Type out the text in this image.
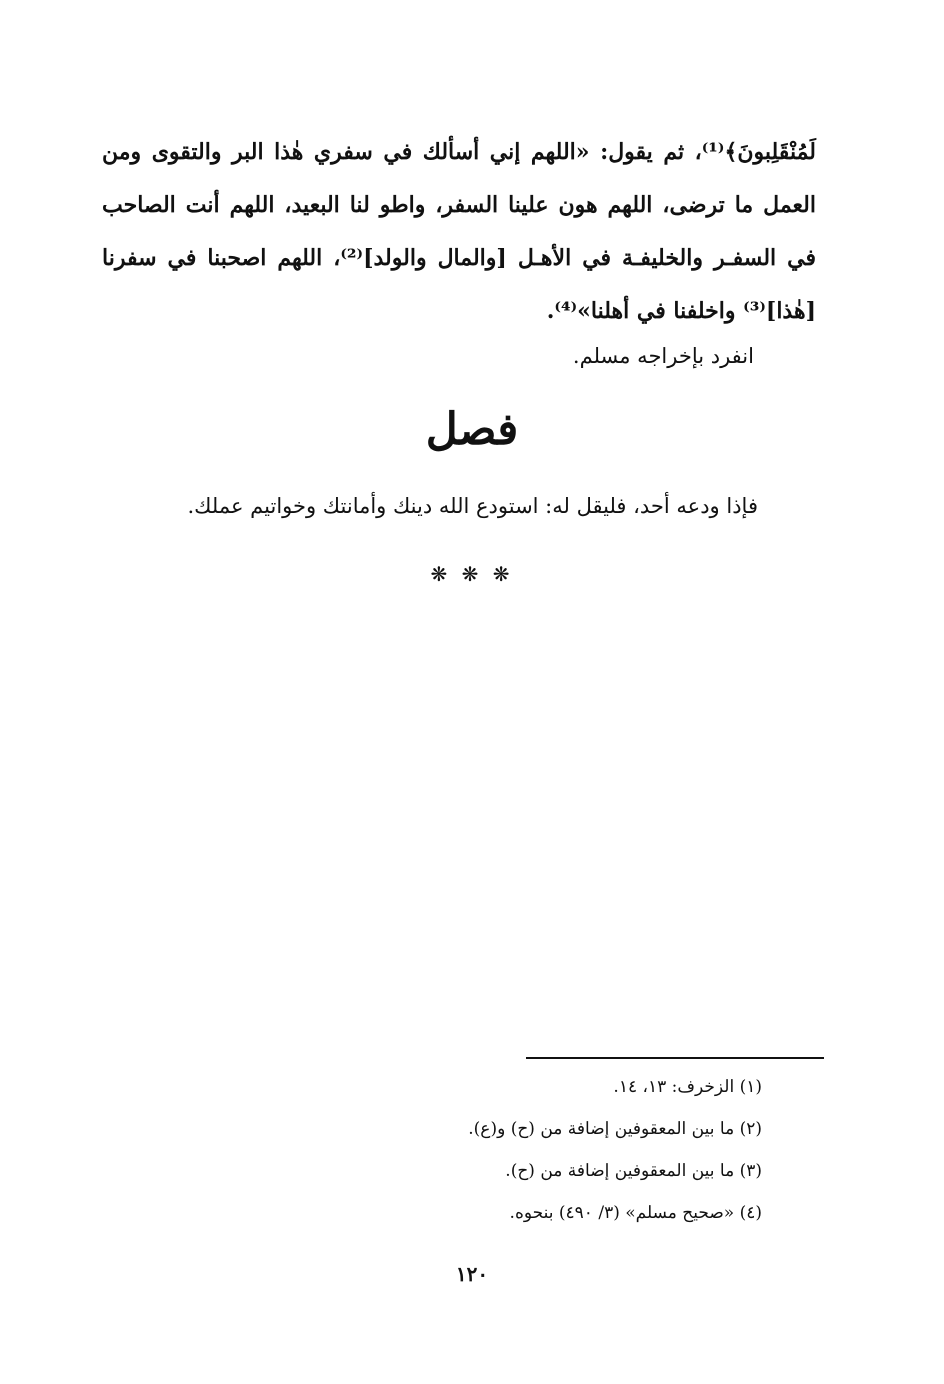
لَمُنْقَلِبونَ﴾⁽¹⁾، ثم يقول: «اللهم إني أسألك في سفري هٰذا البر والتقوى ومن العمل ما ترضى، اللهم هون علينا السفر، واطو لنا البعيد، اللهم أنت الصاحب في السفـر والخليفـة في الأهـل [والمال والولد]⁽²⁾، اللهم اصحبنا في سفرنا [هٰذا]⁽³⁾ واخلفنا في أهلنا»⁽⁴⁾.

انفرد بإخراجه مسلم.
فصل
فإذا ودعه أحد، فليقل له: استودع الله دينك وأمانتك وخواتيم عملك.
❋ ❋ ❋
(١) الزخرف: ١٣، ١٤.
(٢) ما بين المعقوفين إضافة من (ح) و(ع).
(٣) ما بين المعقوفين إضافة من (ح).
(٤) «صحيح مسلم» (٣/ ٤٩٠) بنحوه.
١٢٠
